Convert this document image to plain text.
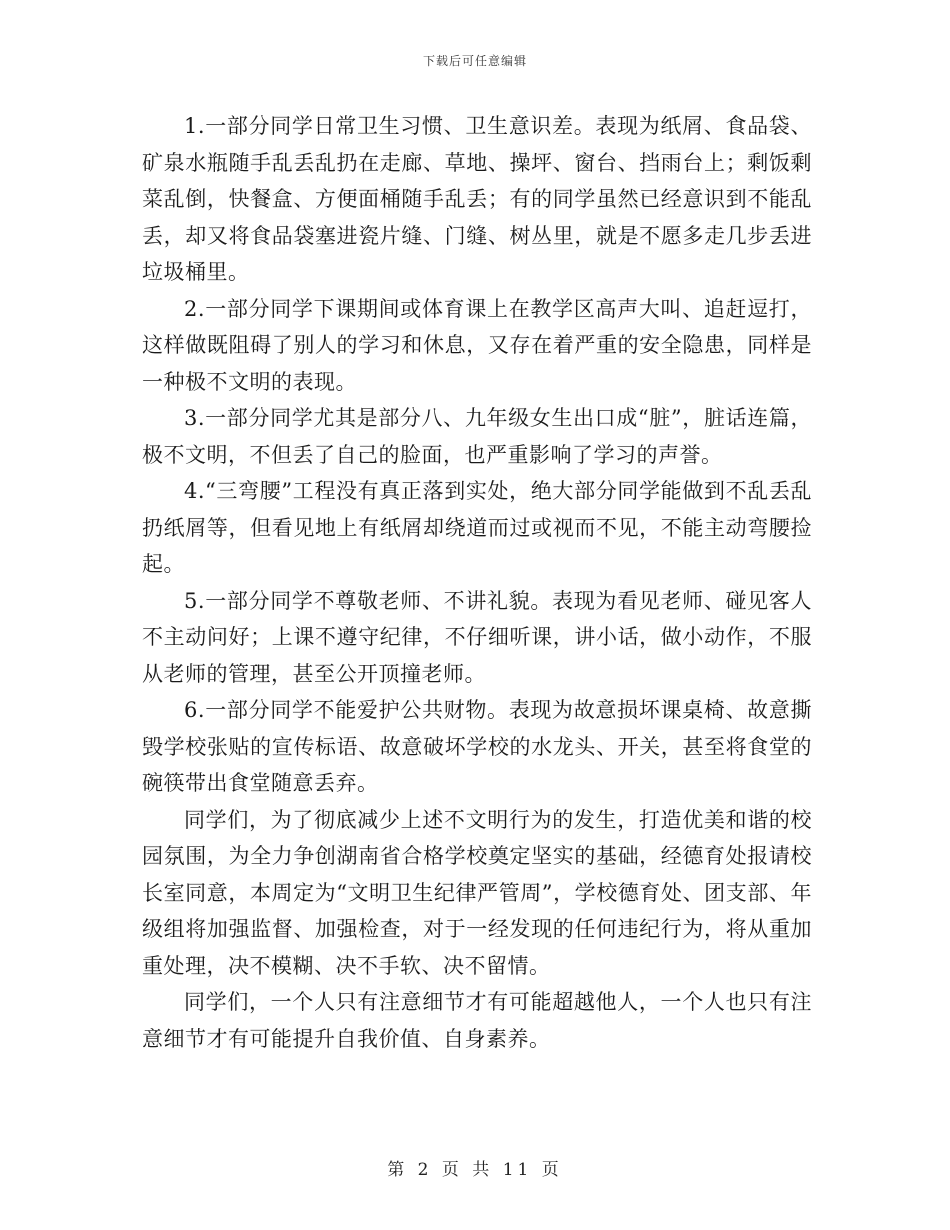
下载后可任意编辑

1.一部分同学日常卫生习惯、卫生意识差。表现为纸屑、食品袋、矿泉水瓶随手乱丢乱扔在走廊、草地、操坪、窗台、挡雨台上；剩饭剩菜乱倒，快餐盒、方便面桶随手乱丢；有的同学虽然已经意识到不能乱丢，却又将食品袋塞进瓷片缝、门缝、树丛里，就是不愿多走几步丢进垃圾桶里。

2.一部分同学下课期间或体育课上在教学区高声大叫、追赶逗打，这样做既阻碍了别人的学习和休息，又存在着严重的安全隐患，同样是一种极不文明的表现。

3.一部分同学尤其是部分八、九年级女生出口成“脏”，脏话连篇，极不文明，不但丢了自己的脸面，也严重影响了学习的声誉。

4.“三弯腰”工程没有真正落到实处，绝大部分同学能做到不乱丢乱扔纸屑等，但看见地上有纸屑却绕道而过或视而不见，不能主动弯腰捡起。

5.一部分同学不尊敬老师、不讲礼貌。表现为看见老师、碰见客人不主动问好；上课不遵守纪律，不仔细听课，讲小话，做小动作，不服从老师的管理，甚至公开顶撞老师。

6.一部分同学不能爱护公共财物。表现为故意损坏课桌椅、故意撕毁学校张贴的宣传标语、故意破坏学校的水龙头、开关，甚至将食堂的碗筷带出食堂随意丢弃。

同学们，为了彻底减少上述不文明行为的发生，打造优美和谐的校园氛围，为全力争创湖南省合格学校奠定坚实的基础，经德育处报请校长室同意，本周定为“文明卫生纪律严管周”，学校德育处、团支部、年级组将加强监督、加强检查，对于一经发现的任何违纪行为，将从重加重处理，决不模糊、决不手软、决不留情。

同学们，一个人只有注意细节才有可能超越他人，一个人也只有注意细节才有可能提升自我价值、自身素养。

第 2 页 共 11 页
